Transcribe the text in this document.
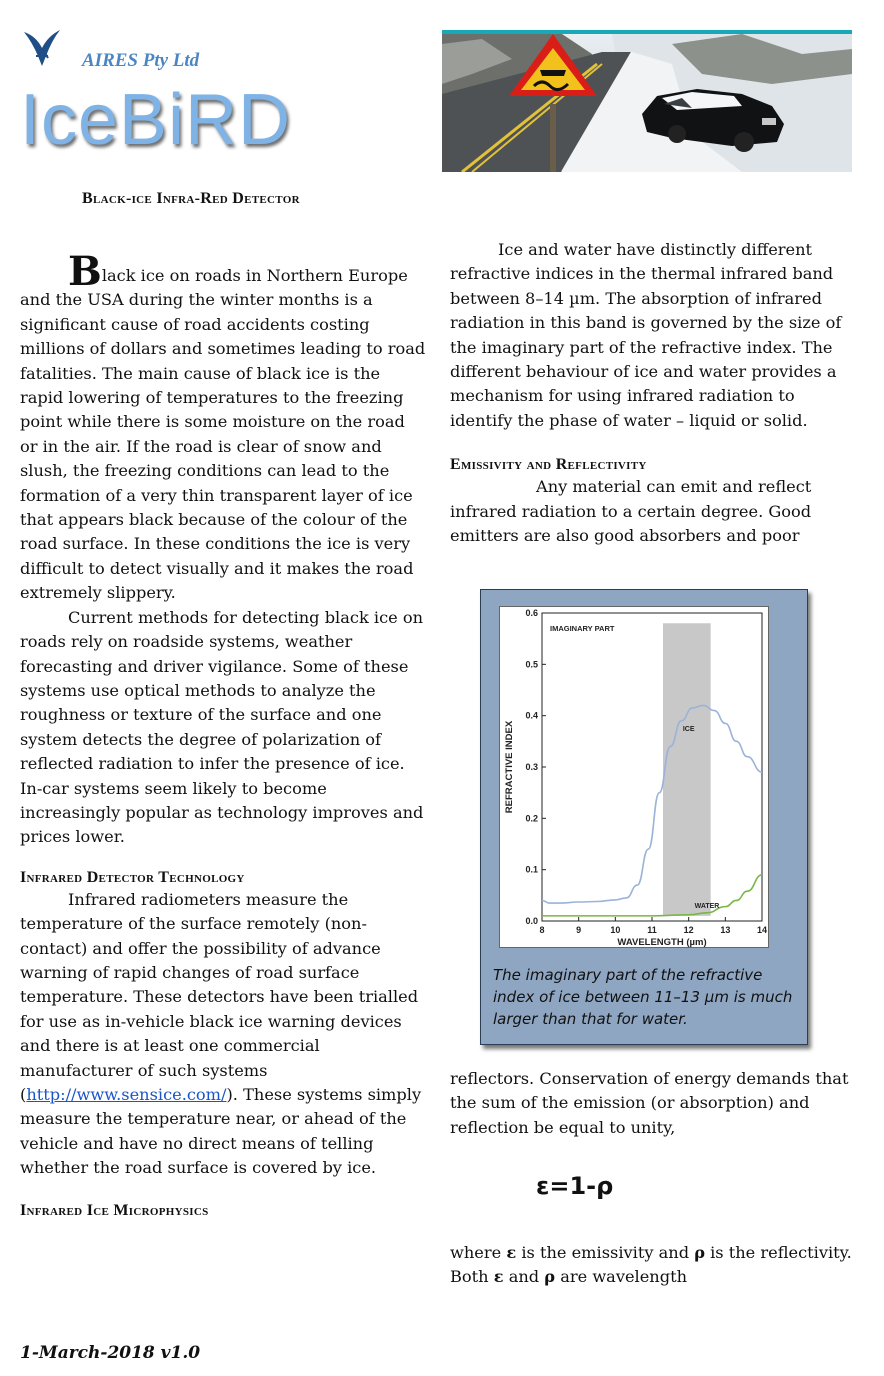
AIRES Pty Ltd
IceBiRD
Black-ice Infra-Red Detector

Black ice on roads in Northern Europe and the USA during the winter months is a significant cause of road accidents costing millions of dollars and sometimes leading to road fatalities. The main cause of black ice is the rapid lowering of temperatures to the freezing point while there is some moisture on the road or in the air. If the road is clear of snow and slush, the freezing conditions can lead to the formation of a very thin transparent layer of ice that appears black because of the colour of the road surface. In these conditions the ice is very difficult to detect visually and it makes the road extremely slippery.

Current methods for detecting black ice on roads rely on roadside systems, weather forecasting and driver vigilance. Some of these systems use optical methods to analyze the roughness or texture of the surface and one system detects the degree of polarization of reflected radiation to infer the presence of ice. In-car systems seem likely to become increasingly popular as technology improves and prices lower.

Infrared Detector Technology

Infrared radiometers measure the temperature of the surface remotely (non-contact) and offer the possibility of advance warning of rapid changes of road surface temperature. These detectors have been trialled for use as in-vehicle black ice warning devices and there is at least one commercial manufacturer of such systems (http://www.sensice.com/). These systems simply measure the temperature near, or ahead of the vehicle and have no direct means of telling whether the road surface is covered by ice.

Infrared Ice Microphysics

Ice and water have distinctly different refractive indices in the thermal infrared band between 8–14 µm. The absorption of infrared radiation in this band is governed by the size of the imaginary part of the refractive index. The different behaviour of ice and water provides a mechanism for using infrared radiation to identify the phase of water – liquid or solid.

Emissivity and Reflectivity

Any material can emit and reflect infrared radiation to a certain degree. Good emitters are also good absorbers and poor

0.0
0.1
0.2
0.3
0.4
0.5
0.6
8	9	10	11	12	13	14
WAVELENGTH (µm)
REFRACTIVE INDEX
IMAGINARY PART
ICE
WATER
The imaginary part of the refractive index of ice between 11–13 µm is much larger than that for water.

reflectors. Conservation of energy demands that the sum of the emission (or absorption) and reflection be equal to unity,

ε=1-ρ

where ε is the emissivity and ρ is the reflectivity. Both ε and ρ are wavelength

1-March-2018 v1.0
